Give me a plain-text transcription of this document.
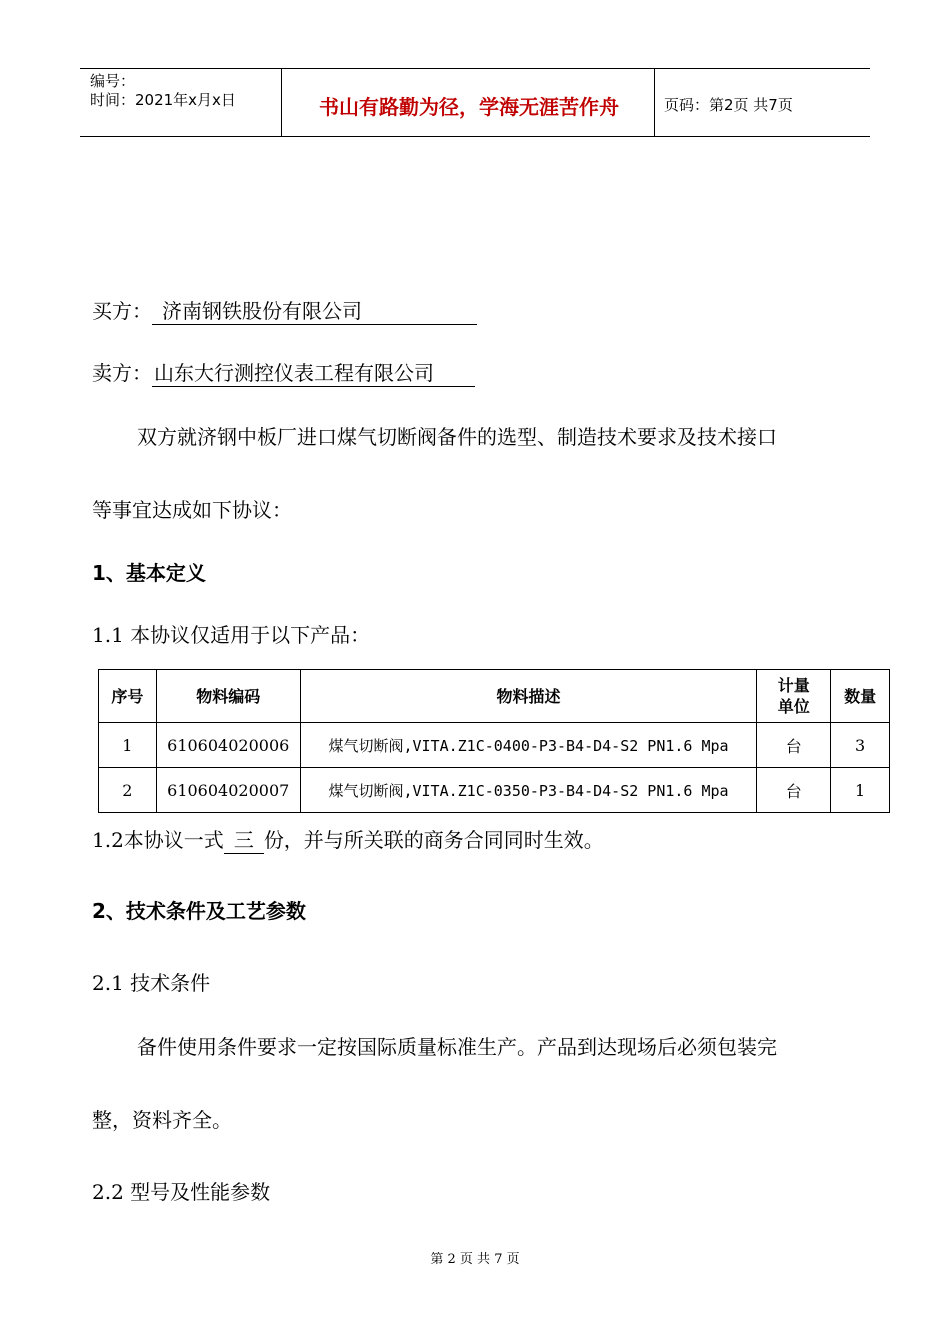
编号：
时间：2021年x月x日	书山有路勤为径，学海无涯苦作舟	页码：第2页 共7页
买方： 济南钢铁股份有限公司
卖方： 山东大行测控仪表工程有限公司
双方就济钢中板厂进口煤气切断阀备件的选型、制造技术要求及技术接口
等事宜达成如下协议：
1、基本定义
1.1 本协议仅适用于以下产品：
序号	物料编码	物料描述	计量单位	数量
1	610604020006	煤气切断阀,VITA.Z1C-0400-P3-B4-D4-S2 PN1.6 Mpa	台	3
2	610604020007	煤气切断阀,VITA.Z1C-0350-P3-B4-D4-S2 PN1.6 Mpa	台	1
1.2本协议一式 三 份，并与所关联的商务合同同时生效。
2、技术条件及工艺参数
2.1 技术条件
备件使用条件要求一定按国际质量标准生产。产品到达现场后必须包装完
整，资料齐全。
2.2 型号及性能参数
第 2 页 共 7 页
